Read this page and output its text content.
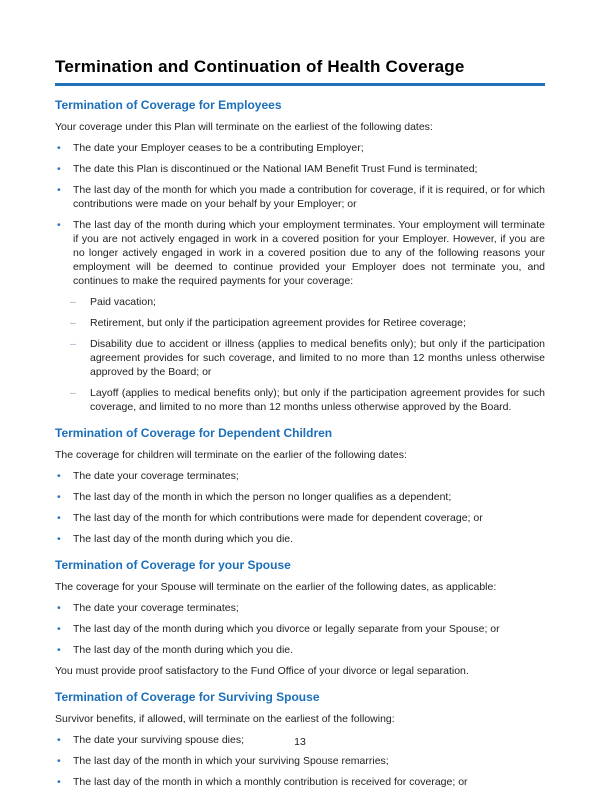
Termination and Continuation of Health Coverage
Termination of Coverage for Employees

Your coverage under this Plan will terminate on the earliest of the following dates:

•	The date your Employer ceases to be a contributing Employer;
•	The date this Plan is discontinued or the National IAM Benefit Trust Fund is terminated;
•	The last day of the month for which you made a contribution for coverage, if it is required, or for which contributions were made on your behalf by your Employer; or
•	The last day of the month during which your employment terminates. Your employment will terminate if you are not actively engaged in work in a covered position for your Employer. However, if you are no longer actively engaged in work in a covered position due to any of the following reasons your employment will be deemed to continue provided your Employer does not terminate you, and continues to make the required payments for your coverage:
–	Paid vacation;
–	Retirement, but only if the participation agreement provides for Retiree coverage;
–	Disability due to accident or illness (applies to medical benefits only); but only if the participation agreement provides for such coverage, and limited to no more than 12 months unless otherwise approved by the Board; or
–	Layoff (applies to medical benefits only); but only if the participation agreement provides for such coverage, and limited to no more than 12 months unless otherwise approved by the Board.
Termination of Coverage for Dependent Children

The coverage for children will terminate on the earlier of the following dates:

•	The date your coverage terminates;
•	The last day of the month in which the person no longer qualifies as a dependent;
•	The last day of the month for which contributions were made for dependent coverage; or
•	The last day of the month during which you die.
Termination of Coverage for your Spouse

The coverage for your Spouse will terminate on the earlier of the following dates, as applicable:

•	The date your coverage terminates;
•	The last day of the month during which you divorce or legally separate from your Spouse; or
•	The last day of the month during which you die.

You must provide proof satisfactory to the Fund Office of your divorce or legal separation.

Termination of Coverage for Surviving Spouse

Survivor benefits, if allowed, will terminate on the earliest of the following:

•	The date your surviving spouse dies;
•	The last day of the month in which your surviving Spouse remarries;
•	The last day of the month in which a monthly contribution is received for coverage; or
13
